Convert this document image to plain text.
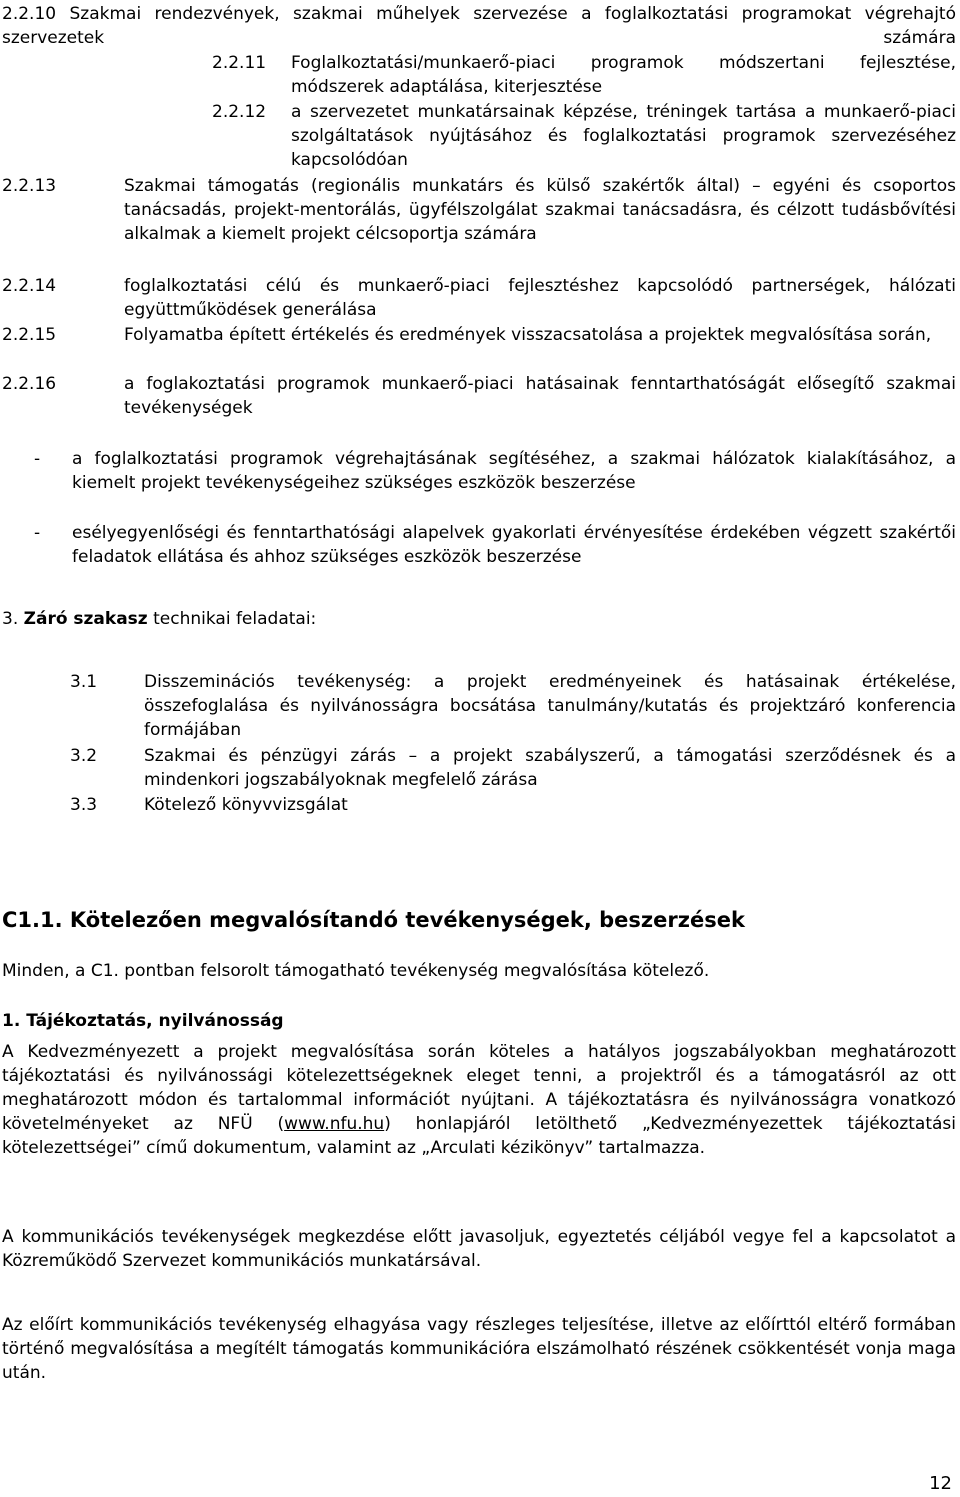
2.2.10 Szakmai rendezvények, szakmai műhelyek szervezése a foglalkoztatási programokat végrehajtó szervezetek számára
2.2.11 Foglalkoztatási/munkaerő-piaci programok módszertani fejlesztése, módszerek adaptálása, kiterjesztése
2.2.12 a szervezetet munkatársainak képzése, tréningek tartása a munkaerő-piaci szolgáltatások nyújtásához és foglalkoztatási programok szervezéséhez kapcsolódóan
2.2.13	Szakmai támogatás (regionális munkatárs és külső szakértők által) – egyéni és csoportos tanácsadás, projekt-mentorálás, ügyfélszolgálat szakmai tanácsadásra, és célzott tudásbővítési alkalmak a kiemelt projekt célcsoportja számára
2.2.14	foglalkoztatási célú és munkaerő-piaci fejlesztéshez kapcsolódó partnerségek, hálózati együttműködések generálása
2.2.15	Folyamatba épített értékelés és eredmények visszacsatolása a projektek megvalósítása során,
2.2.16	a foglakoztatási programok munkaerő-piaci hatásainak fenntarthatóságát elősegítő szakmai tevékenységek
- a foglalkoztatási programok végrehajtásának segítéséhez, a szakmai hálózatok kialakításához, a kiemelt projekt tevékenységeihez szükséges eszközök beszerzése
- esélyegyenlőségi és fenntarthatósági alapelvek gyakorlati érvényesítése érdekében végzett szakértői feladatok ellátása és ahhoz szükséges eszközök beszerzése
3. Záró szakasz technikai feladatai:
3.1	Disszeminációs tevékenység: a projekt eredményeinek és hatásainak értékelése, összefoglalása és nyilvánosságra bocsátása tanulmány/kutatás és projektzáró konferencia formájában
3.2	Szakmai és pénzügyi zárás – a projekt szabályszerű, a támogatási szerződésnek és a mindenkori jogszabályoknak megfelelő zárása
3.3	Kötelező könyvvizsgálat
C1.1. Kötelezően megvalósítandó tevékenységek, beszerzések
Minden, a C1. pontban felsorolt támogatható tevékenység megvalósítása kötelező.
1. Tájékoztatás, nyilvánosság
A Kedvezményezett a projekt megvalósítása során köteles a hatályos jogszabályokban meghatározott tájékoztatási és nyilvánossági kötelezettségeknek eleget tenni, a projektről és a támogatásról az ott meghatározott módon és tartalommal információt nyújtani. A tájékoztatásra és nyilvánosságra vonatkozó követelményeket az NFÜ (www.nfu.hu) honlapjáról letölthető „Kedvezményezettek tájékoztatási kötelezettségei” című dokumentum, valamint az „Arculati kézikönyv” tartalmazza.
A kommunikációs tevékenységek megkezdése előtt javasoljuk, egyeztetés céljából vegye fel a kapcsolatot a Közreműködő Szervezet kommunikációs munkatársával.
Az előírt kommunikációs tevékenység elhagyása vagy részleges teljesítése, illetve az előírttól eltérő formában történő megvalósítása a megítélt támogatás kommunikációra elszámolható részének csökkentését vonja maga után.
12
